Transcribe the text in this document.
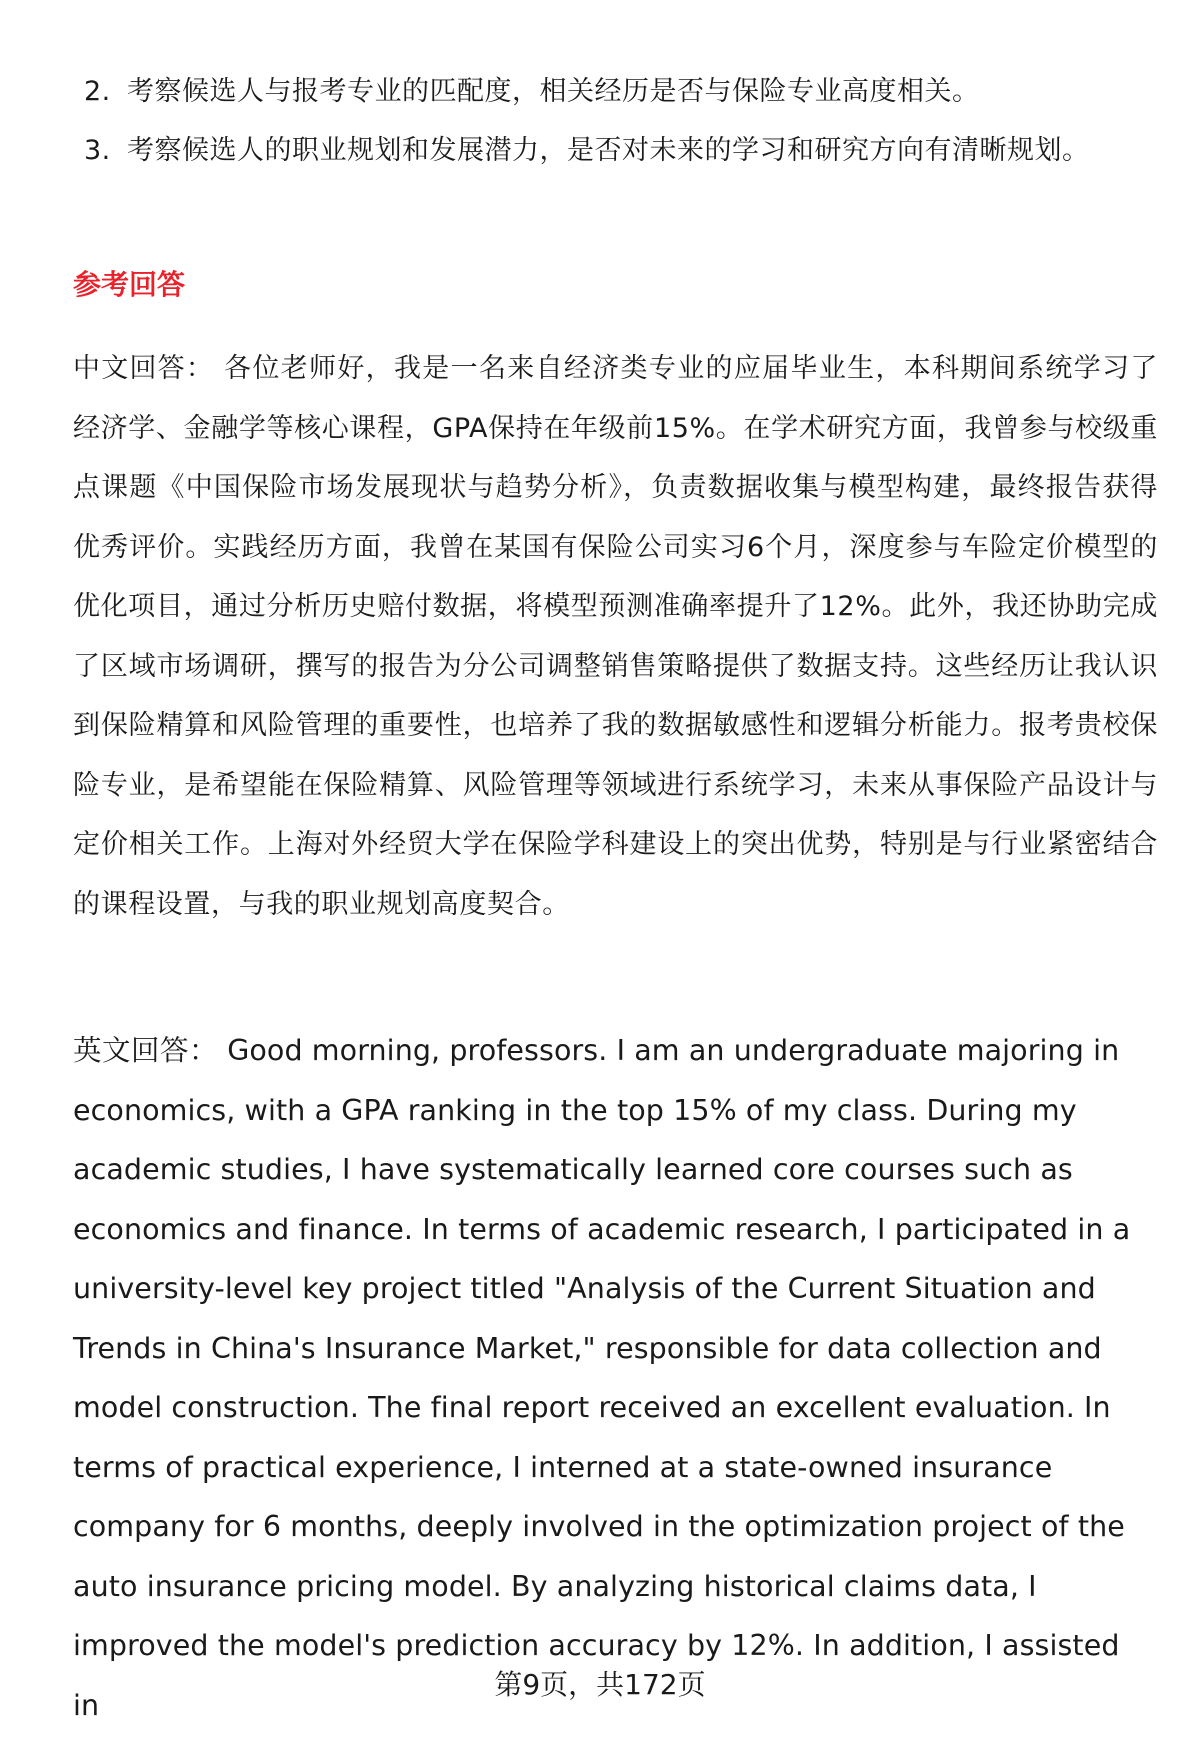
2. 考察候选人与报考专业的匹配度，相关经历是否与保险专业高度相关。
3. 考察候选人的职业规划和发展潜力，是否对未来的学习和研究方向有清晰规划。
参考回答

中文回答： 各位老师好，我是一名来自经济类专业的应届毕业生，本科期间系统学习了经济学、金融学等核心课程，GPA保持在年级前15%。在学术研究方面，我曾参与校级重点课题《中国保险市场发展现状与趋势分析》，负责数据收集与模型构建，最终报告获得优秀评价。实践经历方面，我曾在某国有保险公司实习6个月，深度参与车险定价模型的优化项目，通过分析历史赔付数据，将模型预测准确率提升了12%。此外，我还协助完成了区域市场调研，撰写的报告为分公司调整销售策略提供了数据支持。这些经历让我认识到保险精算和风险管理的重要性，也培养了我的数据敏感性和逻辑分析能力。报考贵校保险专业，是希望能在保险精算、风险管理等领域进行系统学习，未来从事保险产品设计与定价相关工作。上海对外经贸大学在保险学科建设上的突出优势，特别是与行业紧密结合的课程设置，与我的职业规划高度契合。

英文回答： Good morning, professors. I am an undergraduate majoring in economics, with a GPA ranking in the top 15% of my class. During my academic studies, I have systematically learned core courses such as economics and finance. In terms of academic research, I participated in a university-level key project titled "Analysis of the Current Situation and Trends in China's Insurance Market," responsible for data collection and model construction. The final report received an excellent evaluation. In terms of practical experience, I interned at a state-owned insurance company for 6 months, deeply involved in the optimization project of the auto insurance pricing model. By analyzing historical claims data, I improved the model's prediction accuracy by 12%. In addition, I assisted in

第9页，共172页
